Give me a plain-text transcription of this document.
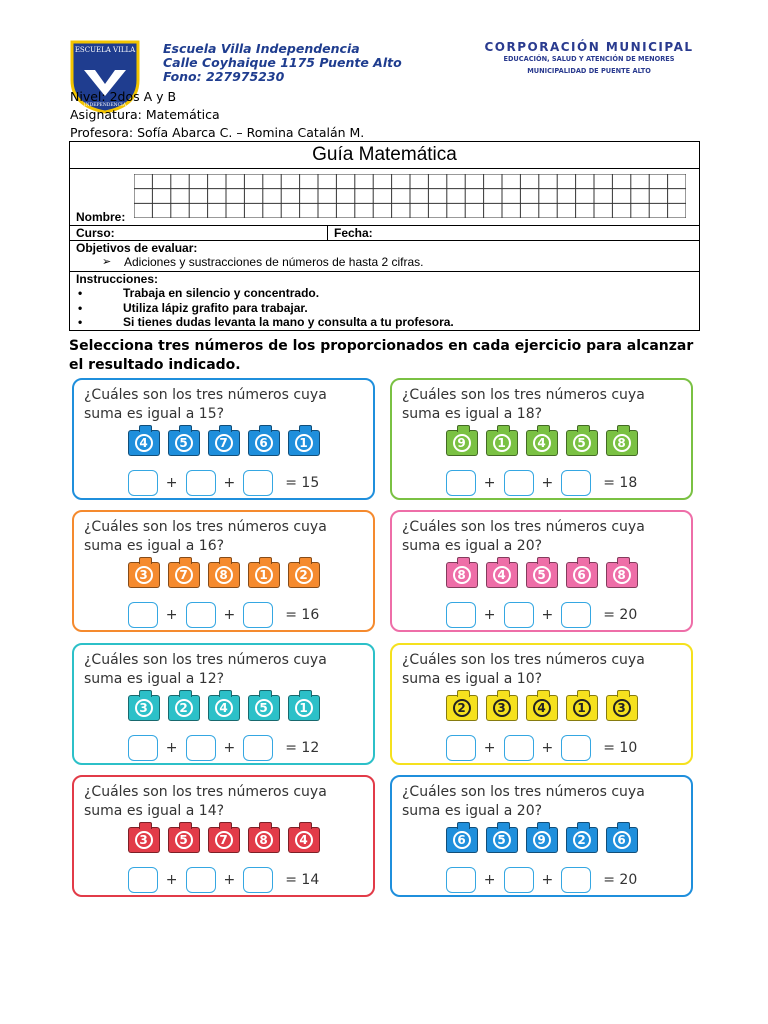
ESCUELA VILLA
INDEPENDENCIA
Escuela Villa Independencia
Calle Coyhaique 1175 Puente Alto
Fono: 227975230
CORPORACIÓN MUNICIPAL
EDUCACIÓN, SALUD Y ATENCIÓN DE MENORES
MUNICIPALIDAD DE PUENTE ALTO
Nivel: 2dos A y B
Asignatura: Matemática
Profesora: Sofía Abarca C. – Romina Catalán M.
Guía Matemática

Nombre:

Curso:	Fecha:

Objetivos de evaluar:
➢ Adiciones y sustracciones de números de hasta 2 cifras.

Instrucciones:
• Trabaja en silencio y concentrado.
• Utiliza lápiz grafito para trabajar.
• Si tienes dudas levanta la mano y consulta a tu profesora.
Selecciona tres números de los proporcionados en cada ejercicio para alcanzar el resultado indicado.
¿Cuáles son los tres números cuya
suma es igual a 15?
4	5	7	6	1
+	+	= 15
¿Cuáles son los tres números cuya
suma es igual a 18?
9	1	4	5	8
+	+	= 18
¿Cuáles son los tres números cuya
suma es igual a 16?
3	7	8	1	2
+	+	= 16
¿Cuáles son los tres números cuya
suma es igual a 20?
8	4	5	6	8
+	+	= 20
¿Cuáles son los tres números cuya
suma es igual a 12?
3	2	4	5	1
+	+	= 12
¿Cuáles son los tres números cuya
suma es igual a 10?
2	3	4	1	3
+	+	= 10
¿Cuáles son los tres números cuya
suma es igual a 14?
3	5	7	8	4
+	+	= 14
¿Cuáles son los tres números cuya
suma es igual a 20?
6	5	9	2	6
+	+	= 20
